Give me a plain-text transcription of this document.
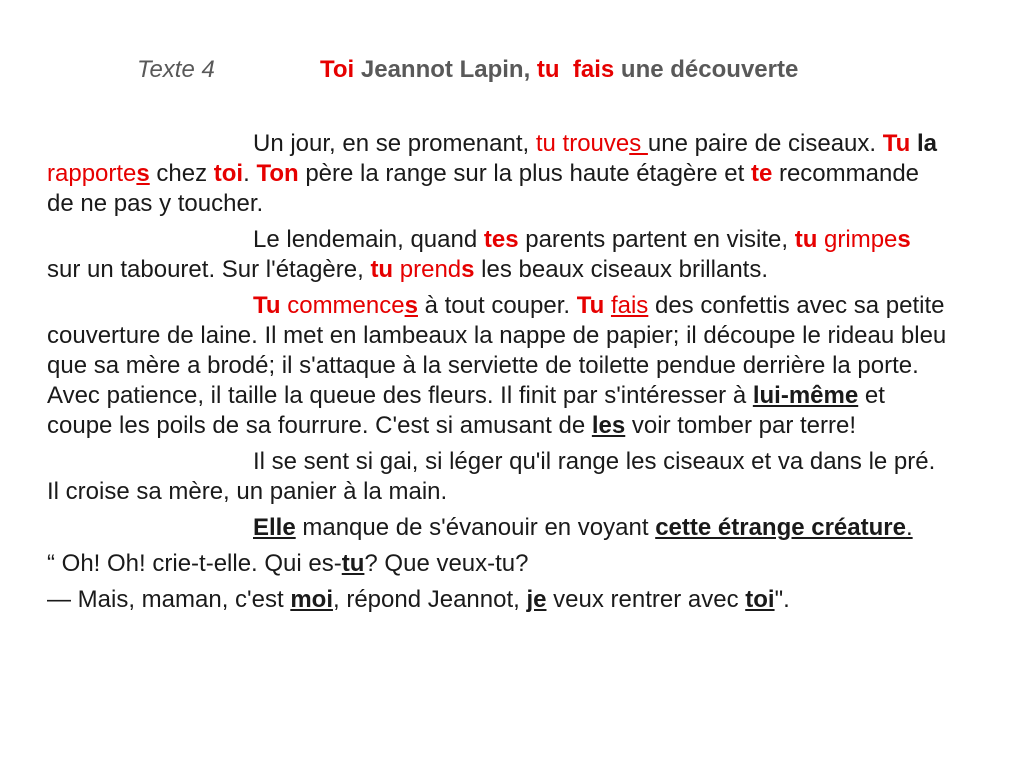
Texte 4	Toi Jeannot Lapin, tu fais une découverte

Un jour, en se promenant, tu trouves une paire de ciseaux. Tu la rapportes chez toi. Ton père la range sur la plus haute étagère et te recommande de ne pas y toucher.

Le lendemain, quand tes parents partent en visite, tu grimpes sur un tabouret. Sur l'étagère, tu prends les beaux ciseaux brillants.

Tu commences à tout couper. Tu fais des confettis avec sa petite couverture de laine. Il met en lambeaux la nappe de papier; il découpe le rideau bleu que sa mère a brodé; il s'attaque à la serviette de toilette pendue derrière la porte. Avec patience, il taille la queue des fleurs. Il finit par s'intéresser à lui-même et coupe les poils de sa fourrure. C'est si amusant de les voir tomber par terre!

Il se sent si gai, si léger qu'il range les ciseaux et va dans le pré. Il croise sa mère, un panier à la main.

Elle manque de s'évanouir en voyant cette étrange créature.

“ Oh! Oh! crie-t-elle. Qui es-tu? Que veux-tu?

— Mais, maman, c'est moi, répond Jeannot, je veux rentrer avec toi".
